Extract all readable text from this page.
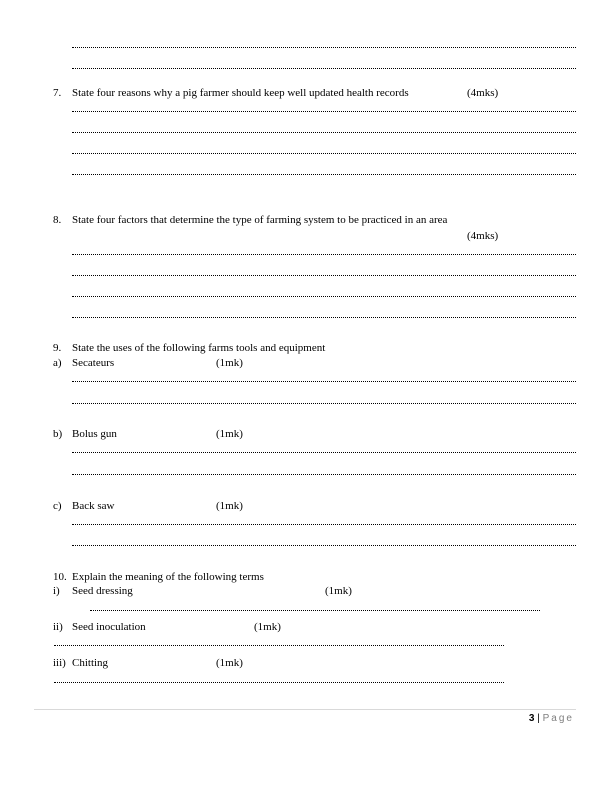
7. State four reasons why a pig farmer should keep well updated health records	(4mks)
8. State four factors that determine the type of farming system to be practiced in an area
(4mks)
9. State the uses of the following farms tools and equipment
a) Secateurs	(1mk)
b) Bolus gun	(1mk)
c) Back saw	(1mk)
10. Explain the meaning of the following terms
i) Seed dressing	(1mk)
ii) Seed inoculation	(1mk)
iii) Chitting	(1mk)
3 | Page
